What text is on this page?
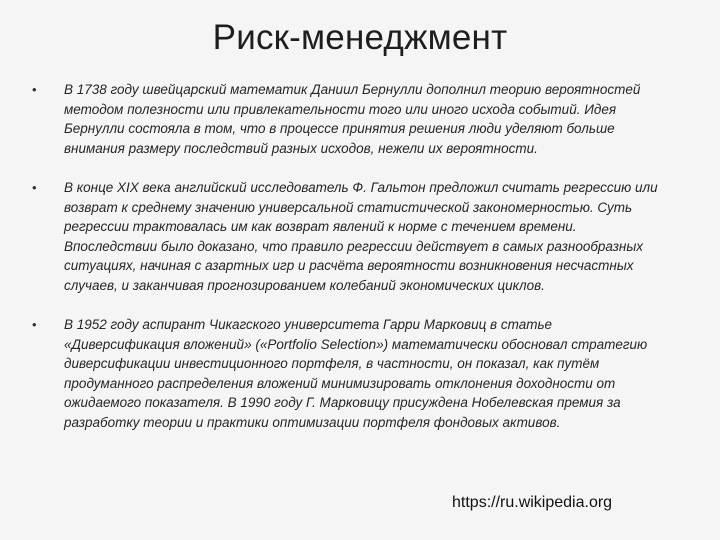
Риск-менеджмент
• В 1738 году швейцарский математик Даниил Бернулли дополнил теорию вероятностей методом полезности или привлекательности того или иного исхода событий. Идея Бернулли состояла в том, что в процессе принятия решения люди уделяют больше внимания размеру последствий разных исходов, нежели их вероятности.
• В конце XIX века английский исследователь Ф. Гальтон предложил считать регрессию или возврат к среднему значению универсальной статистической закономерностью. Суть регрессии трактовалась им как возврат явлений к норме с течением времени. Впоследствии было доказано, что правило регрессии действует в самых разнообразных ситуациях, начиная с азартных игр и расчёта вероятности возникновения несчастных случаев, и заканчивая прогнозированием колебаний экономических циклов.
• В 1952 году аспирант Чикагского университета Гарри Марковиц в статье «Диверсификация вложений» («Portfolio Selection») математически обосновал стратегию диверсификации инвестиционного портфеля, в частности, он показал, как путём продуманного распределения вложений минимизировать отклонения доходности от ожидаемого показателя. В 1990 году Г. Марковицу присуждена Нобелевская премия за разработку теории и практики оптимизации портфеля фондовых активов.
https://ru.wikipedia.org
